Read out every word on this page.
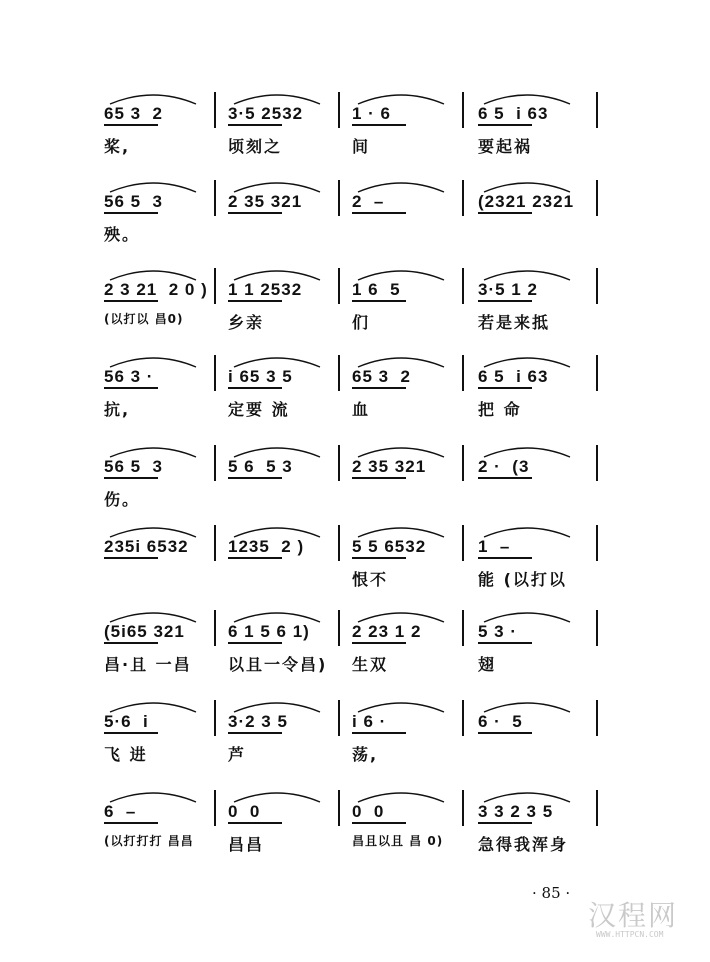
65 3  2
桨,
3·5 2532
顷刻之
1 · 6
间
6 5  i 63
要起祸
56 5  3
殃。
2 35 321	2  –	(2321 2321
2 3 21  2 0 )
(以打以 昌0)
1 1 2532
乡亲
1 6  5
们
3·5 1 2
若是来抵
56 3 ·
抗,
i 65 3 5
定要 流
65 3  2
血
6 5  i 63
把 命
56 5  3
伤。
5 6  5 3	2 35 321	2 ·  (3
235i 6532 1235  2 )	5 5 6532
恨不
1  –
能 (以打以
(5i65 321
昌·且 一昌
6 1 5 6 1)
以且一令昌)
2 23 1 2
生双
5 3 ·
翅
5·6  i
飞 进
3·2 3 5
芦
i 6 ·
荡,
6 ·  5
6  –
(以打打打 昌昌
0  0
昌昌
0  0
昌且以且 昌 0)
3 3 2 3 5
急得我浑身
· 85 ·
汉程网
WWW.HTTPCN.COM
